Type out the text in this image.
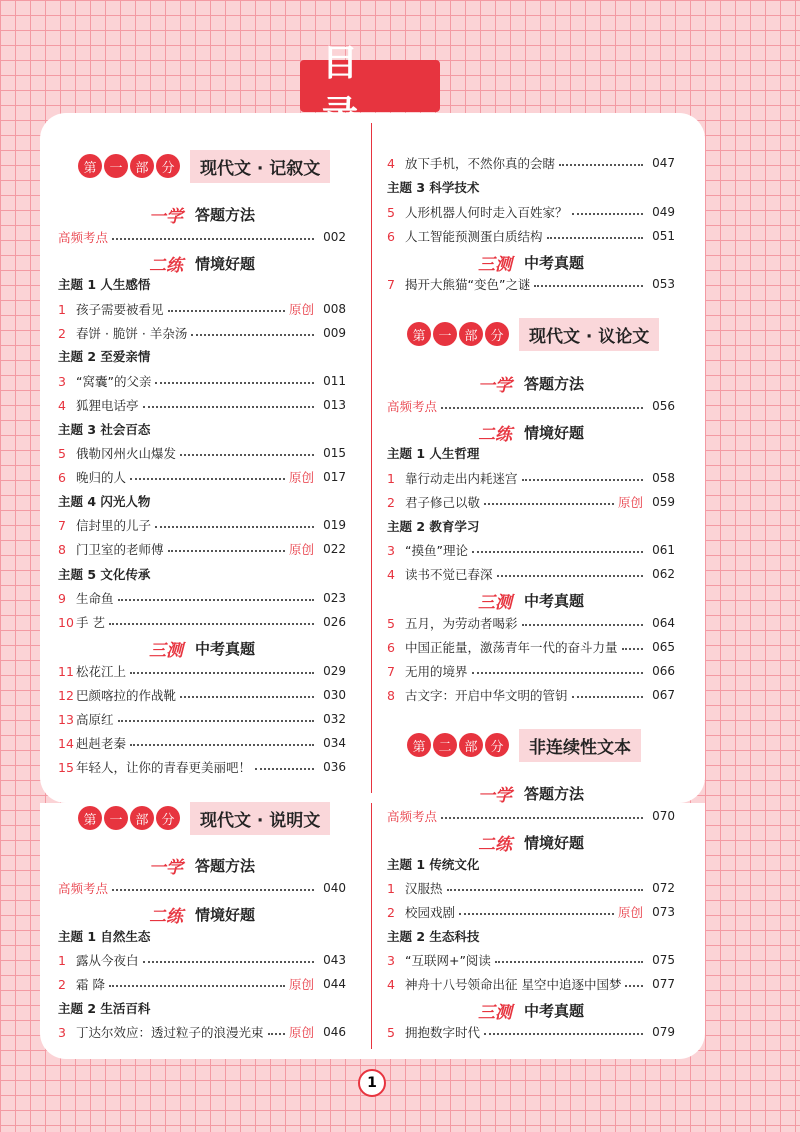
目
第 一 部 分	现代文 · 记叙文
一学 答题方法
高频考点	002
二练 情境好题
主题 1 人生感悟
1 孩子需要被看见	原创 008
2 春饼 · 脆饼 · 羊杂汤	009
主题 2 至爱亲情
3 “窝囊”的父亲	011
4 狐狸电话亭	013
主题 3 社会百态
5 俄勒冈州火山爆发	015
6 晚归的人	原创 017
主题 4 闪光人物
7 信封里的儿子	019
8 门卫室的老师傅	原创 022
主题 5 文化传承
9 生命鱼	023
10 手 艺	026
三测 中考真题
11 松花江上	029
12 巴颜喀拉的作战靴	030
13 高原红	032
14 赳赳老秦	034
15 年轻人，让你的青春更美丽吧！	036
4 放下手机，不然你真的会瞎	047
主题 3 科学技术
5 人形机器人何时走入百姓家？	049
6 人工智能预测蛋白质结构	051
三测 中考真题
7 揭开大熊猫“变色”之谜	053
第 一 部 分	现代文 · 议论文
一学 答题方法
高频考点	056
二练 情境好题
主题 1 人生哲理
1 靠行动走出内耗迷宫	058
2 君子修己以敬	原创 059
主题 2 教育学习
3 “摸鱼”理论	061
4 读书不觉已春深	062
三测 中考真题
5 五月，为劳动者喝彩	064
6 中国正能量，激荡青年一代的奋斗力量	065
7 无用的境界	066
8 古文字：开启中华文明的管钥	067
第 二 部 分	非连续性文本
第 一 部 分	现代文 · 说明文
一学 答题方法
高频考点	040
二练 情境好题
主题 1 自然生态
1 露从今夜白	043
2 霜 降	原创 044
主题 2 生活百科
3 丁达尔效应：透过粒子的浪漫光束 原创 046
一学 答题方法
高频考点	070
二练 情境好题
主题 1 传统文化
1 汉服热	072
2 校园戏剧	原创 073
主题 2 生态科技
3 “互联网+”阅读	075
4 神舟十八号领命出征 星空中追逐中国梦	077
三测 中考真题
5 拥抱数字时代	079
1
